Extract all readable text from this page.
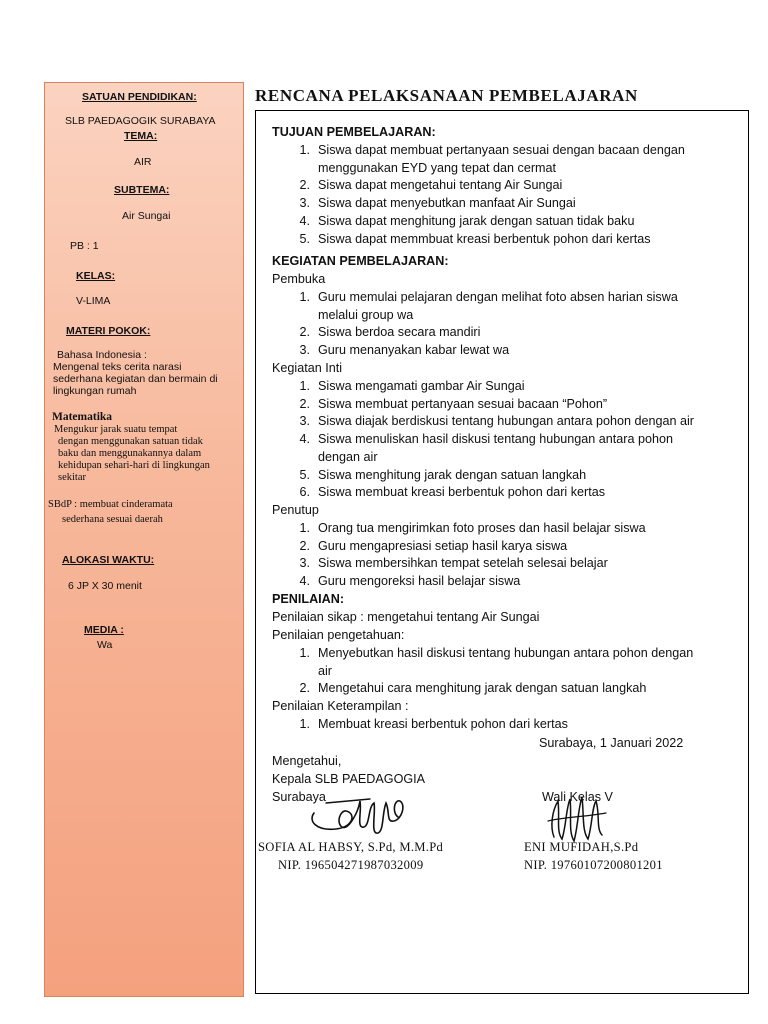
SATUAN PENDIDIKAN:
SLB PAEDAGOGIK SURABAYA
TEMA:
AIR
SUBTEMA:
Air Sungai
PB : 1
KELAS:
V-LIMA
MATERI POKOK:
Bahasa Indonesia :
Mengenal teks cerita narasi
sederhana kegiatan dan bermain di
lingkungan rumah
Matematika
Mengukur jarak suatu tempat
dengan menggunakan satuan tidak
baku dan menggunakannya dalam
kehidupan sehari-hari di lingkungan
sekitar
SBdP : membuat cinderamata
sederhana sesuai daerah
ALOKASI WAKTU:
6 JP X 30 menit
MEDIA :
Wa
RENCANA PELAKSANAAN PEMBELAJARAN
TUJUAN PEMBELAJARAN:
1. Siswa dapat membuat pertanyaan sesuai dengan bacaan dengan
menggunakan EYD yang tepat dan cermat
2. Siswa dapat mengetahui tentang Air Sungai
3. Siswa dapat menyebutkan manfaat Air Sungai
4. Siswa dapat menghitung jarak dengan satuan tidak baku
5. Siswa dapat memmbuat kreasi berbentuk pohon dari kertas
KEGIATAN PEMBELAJARAN:
Pembuka
1. Guru memulai pelajaran dengan melihat foto absen harian siswa
melalui group wa
2. Siswa berdoa secara mandiri
3. Guru menanyakan kabar lewat wa
Kegiatan Inti
1. Siswa mengamati gambar Air Sungai
2. Siswa membuat pertanyaan sesuai bacaan “Pohon”
3. Siswa diajak berdiskusi tentang hubungan antara pohon dengan air
4. Siswa menuliskan hasil diskusi tentang hubungan antara pohon
dengan air
5. Siswa menghitung jarak dengan satuan langkah
6. Siswa membuat kreasi berbentuk pohon dari kertas
Penutup
1. Orang tua mengirimkan foto proses dan hasil belajar siswa
2. Guru mengapresiasi setiap hasil karya siswa
3. Siswa membersihkan tempat setelah selesai belajar
4. Guru mengoreksi hasil belajar siswa
PENILAIAN:
Penilaian sikap : mengetahui tentang Air Sungai
Penilaian pengetahuan:
1. Menyebutkan hasil diskusi tentang hubungan antara pohon dengan
air
2. Mengetahui cara menghitung jarak dengan satuan langkah
Penilaian Keterampilan :
1. Membuat kreasi berbentuk pohon dari kertas
Surabaya, 1 Januari 2022
Mengetahui,
Kepala SLB PAEDAGOGIA
Surabaya	Wali Kelas V
SOFIA AL HABSY, S.Pd, M.M.Pd
NIP. 196504271987032009
ENI MUFIDAH,S.Pd
NIP. 19760107200801201
